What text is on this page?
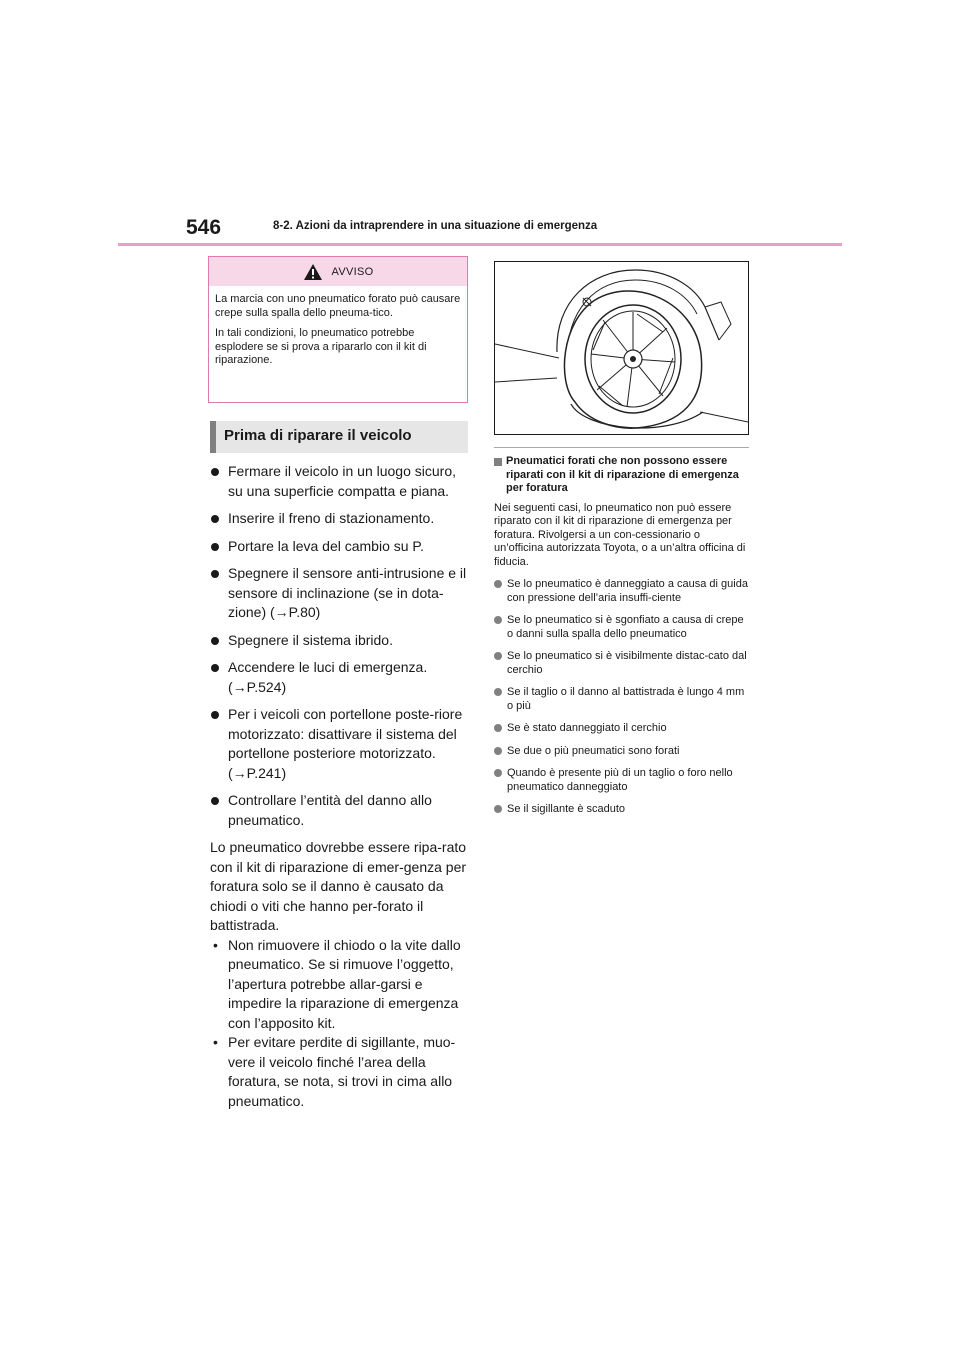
546	8-2. Azioni da intraprendere in una situazione di emergenza
AVVISO

La marcia con uno pneumatico forato può causare crepe sulla spalla dello pneuma-tico.

In tali condizioni, lo pneumatico potrebbe esplodere se si prova a ripararlo con il kit di riparazione.

Prima di riparare il veicolo
Fermare il veicolo in un luogo sicuro, su una superficie compatta e piana.
Inserire il freno di stazionamento.
Portare la leva del cambio su P.
Spegnere il sensore anti-intrusione e il sensore di inclinazione (se in dota-zione) (→P.80)
Spegnere il sistema ibrido.
Accendere le luci di emergenza. (→P.524)
Per i veicoli con portellone poste-riore motorizzato: disattivare il sistema del portellone posteriore motorizzato. (→P.241)
Controllare l’entità del danno allo pneumatico.

Lo pneumatico dovrebbe essere ripa-rato con il kit di riparazione di emer-genza per foratura solo se il danno è causato da chiodi o viti che hanno per-forato il battistrada.

• Non rimuovere il chiodo o la vite dallo pneumatico. Se si rimuove l’oggetto, l’apertura potrebbe allar-garsi e impedire la riparazione di emergenza con l’apposito kit.
• Per evitare perdite di sigillante, muo-vere il veicolo finché l’area della foratura, se nota, si trovi in cima allo pneumatico.
Pneumatici forati che non possono essere riparati con il kit di riparazione di emergenza per foratura

Nei seguenti casi, lo pneumatico non può essere riparato con il kit di riparazione di emergenza per foratura. Rivolgersi a un con-cessionario o un’officina autorizzata Toyota, o a un’altra officina di fiducia.

Se lo pneumatico è danneggiato a causa di guida con pressione dell’aria insuffi-ciente
Se lo pneumatico si è sgonfiato a causa di crepe o danni sulla spalla dello pneumatico
Se lo pneumatico si è visibilmente distac-cato dal cerchio
Se il taglio o il danno al battistrada è lungo 4 mm o più
Se è stato danneggiato il cerchio
Se due o più pneumatici sono forati
Quando è presente più di un taglio o foro nello pneumatico danneggiato
Se il sigillante è scaduto
